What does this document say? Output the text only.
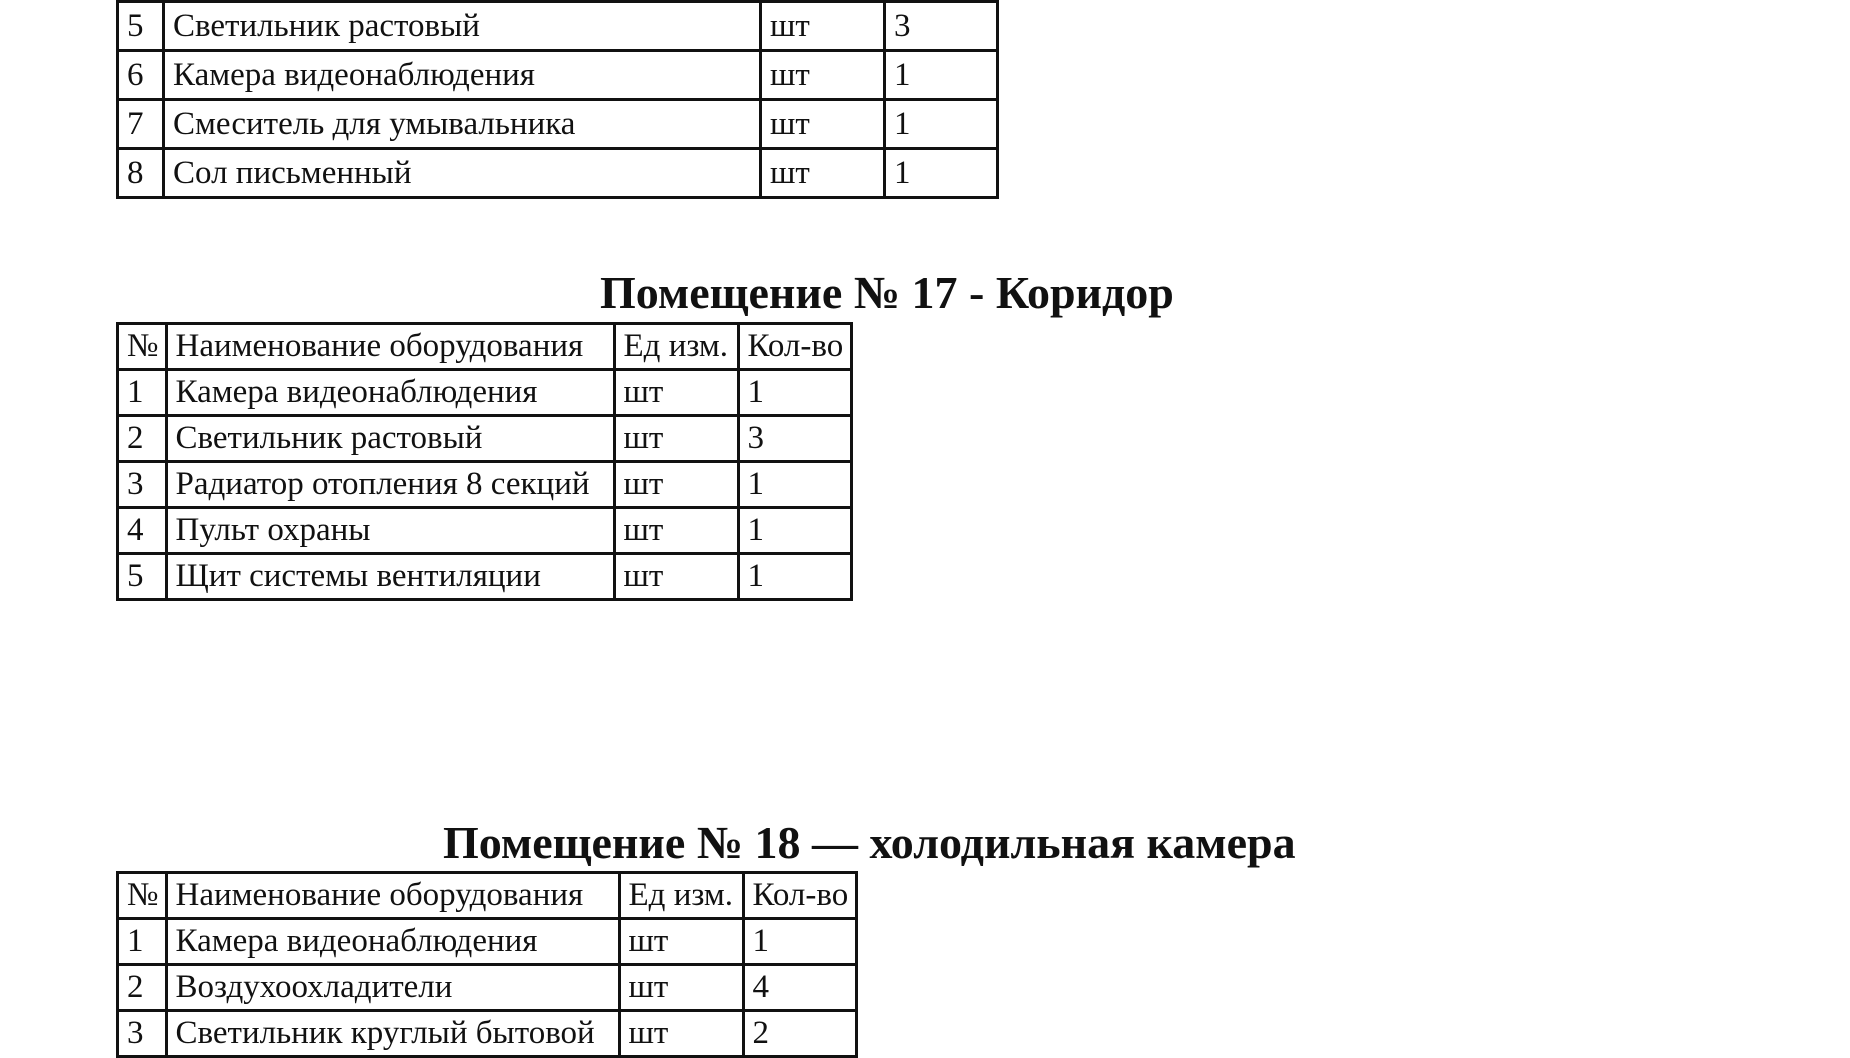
5	Светильник растовый	шт	3
6	Камера видеонаблюдения	шт	1
7	Смеситель для умывальника	шт	1
8	Сол письменный	шт	1
Помещение № 17 - Коридор
№	Наименование оборудования	Ед изм.	Кол-во
1	Камера видеонаблюдения	шт	1
2	Светильник растовый	шт	3
3	Радиатор отопления 8 секций	шт	1
4	Пульт охраны	шт	1
5	Щит системы вентиляции	шт	1
Помещение № 18 — холодильная камера
№	Наименование оборудования	Ед изм.	Кол-во
1	Камера видеонаблюдения	шт	1
2	Воздухоохладители	шт	4
3	Светильник круглый бытовой	шт	2
